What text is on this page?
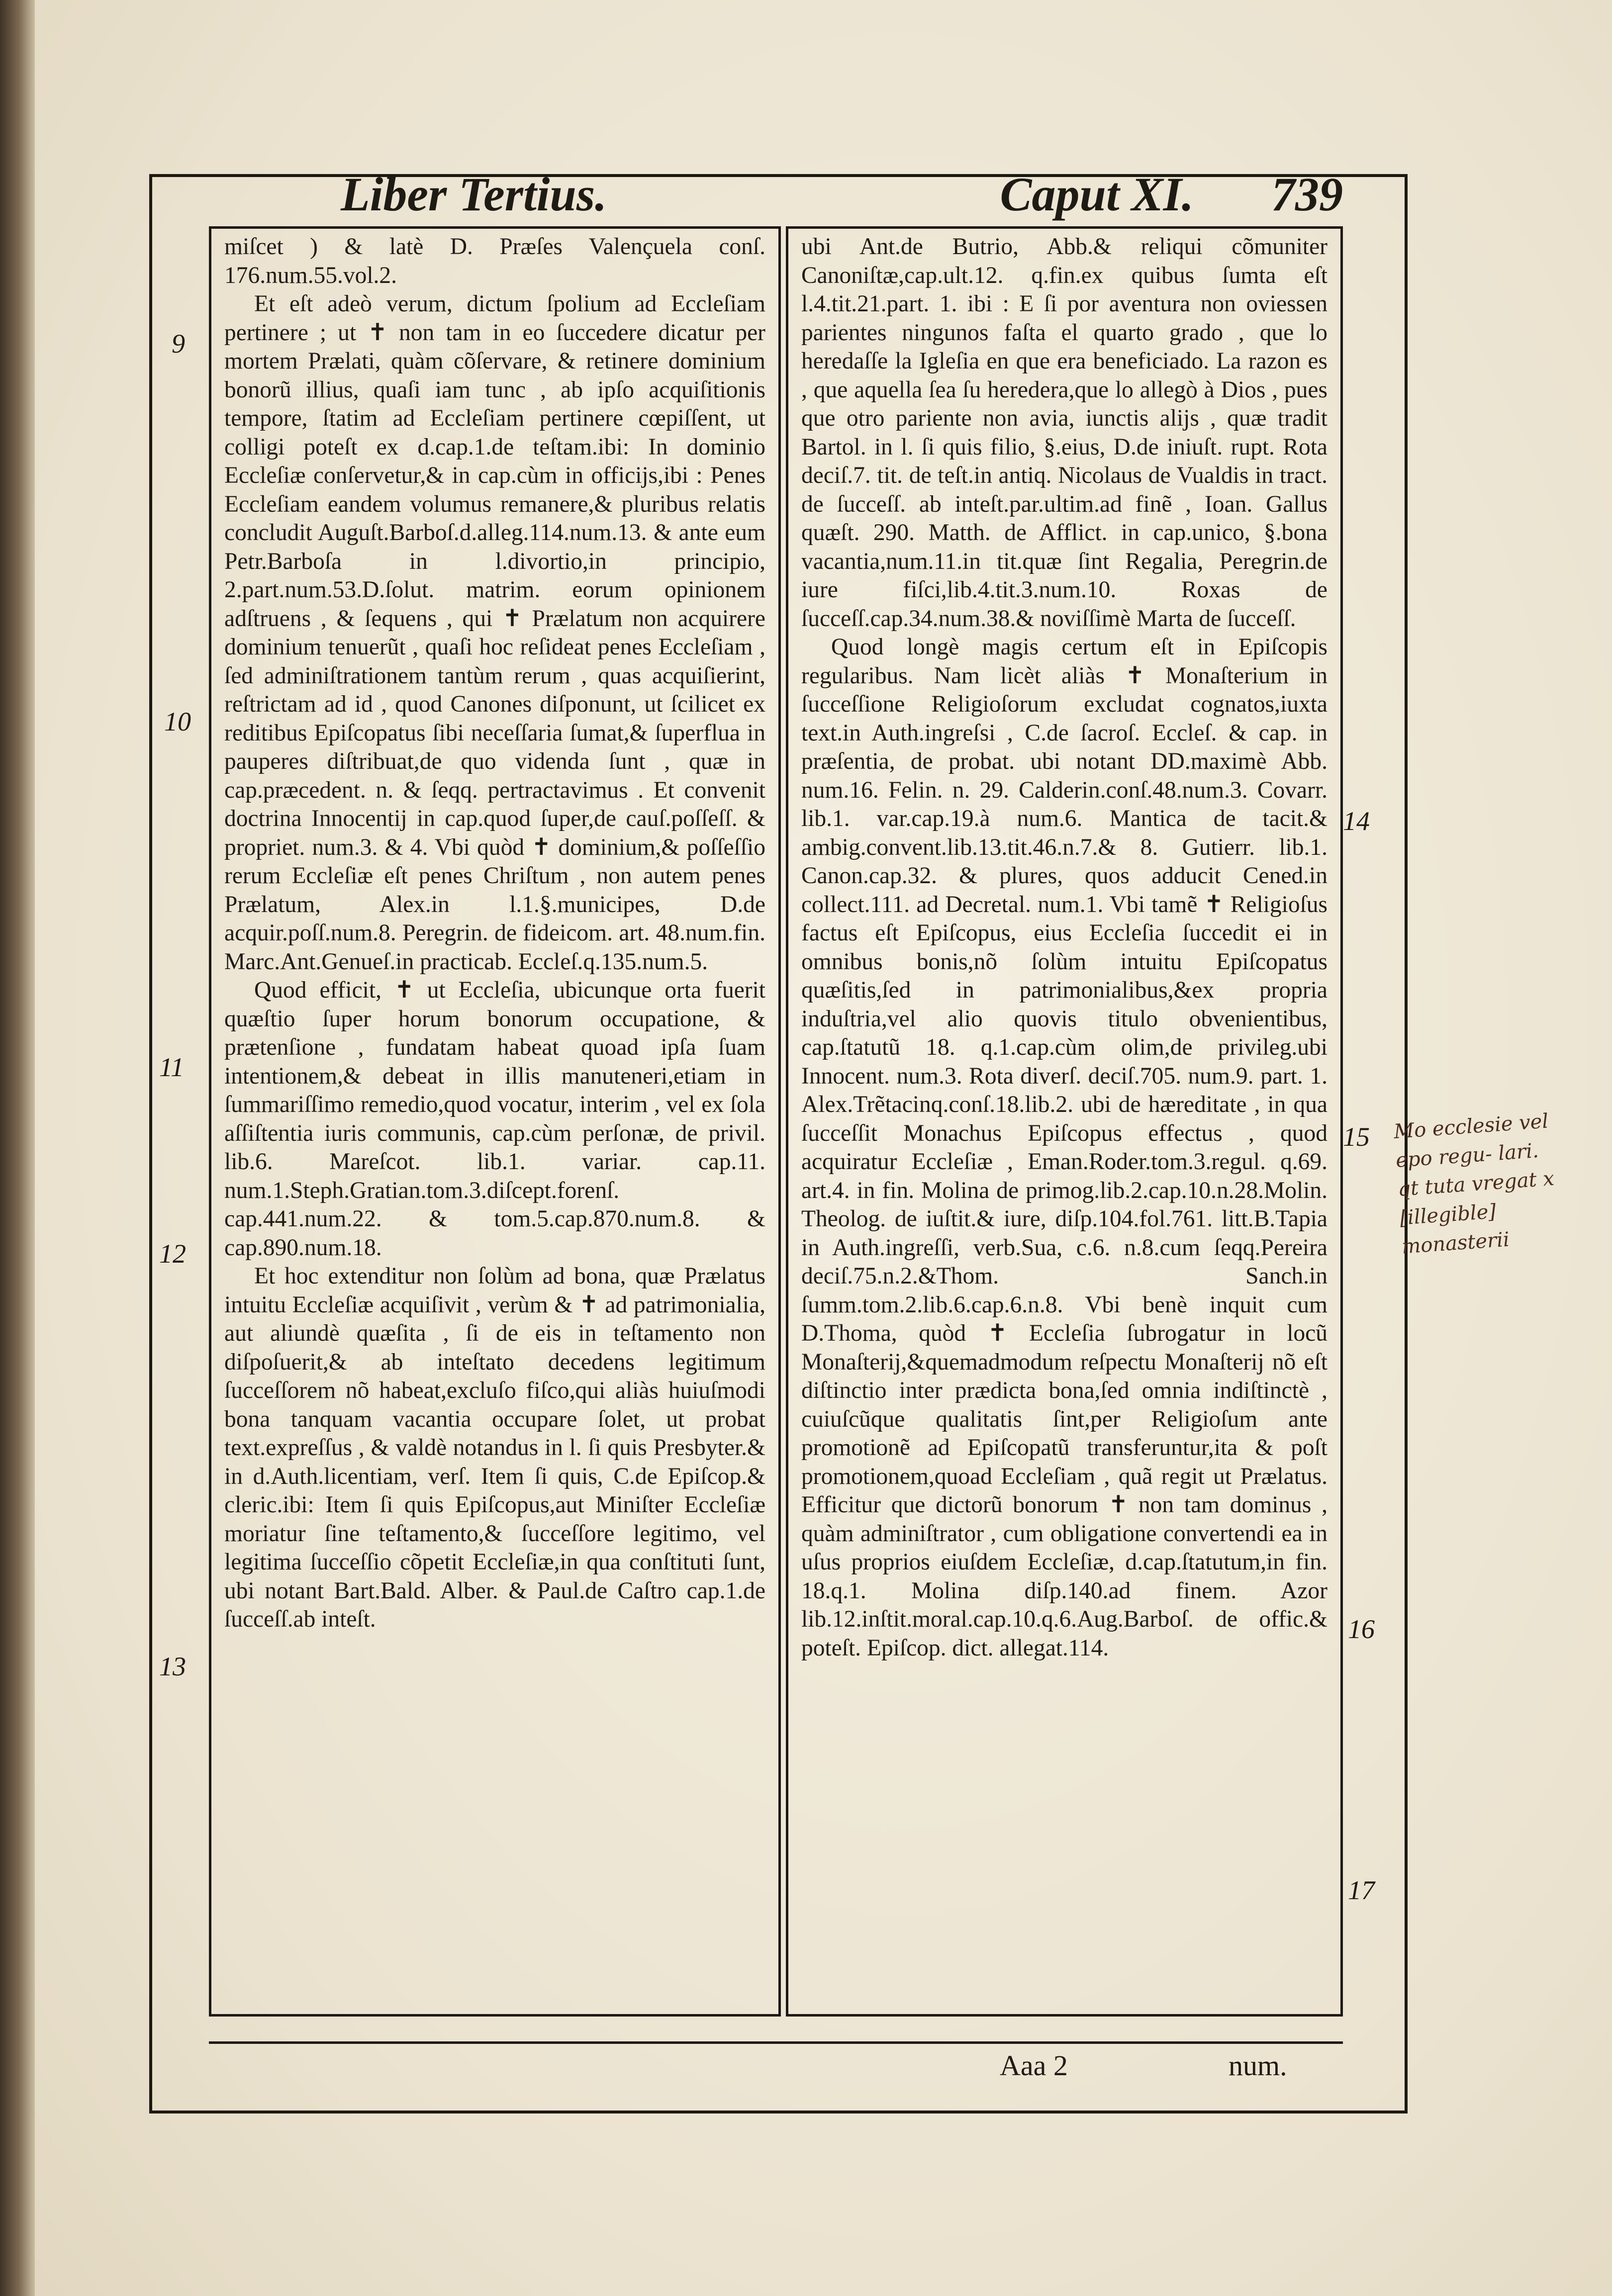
Liber Tertius.	Caput XI. 739

miſcet ) & latè D. Præſes Valençuela conſ. 176.num.55.vol.2.

Et eſt adeò verum, dictum ſpolium ad Eccleſiam pertinere ; ut ✝ non tam in eo ſuccedere dicatur per mortem Prælati, quàm cõſervare, & retinere dominium bonorũ illius, quaſi iam tunc , ab ipſo acquiſitionis tempore, ſtatim ad Eccleſiam pertinere cœpiſſent, ut colligi poteſt ex d.cap.1.de teſtam.ibi: In dominio Eccleſiæ conſervetur,& in cap.cùm in officijs,ibi : Penes Eccleſiam eandem volumus remanere,& pluribus relatis concludit Auguſt.Barboſ.d.alleg.114.num.13. & ante eum Petr.Barboſa in l.divortio,in principio, 2.part.num.53.D.ſolut. matrim. eorum opinionem adſtruens , & ſequens , qui ✝ Prælatum non acquirere dominium tenuerũt , quaſi hoc reſideat penes Eccleſiam , ſed adminiſtrationem tantùm rerum , quas acquiſierint, reſtrictam ad id , quod Canones diſponunt, ut ſcilicet ex reditibus Epiſcopatus ſibi neceſſaria ſumat,& ſuperflua in pauperes diſtribuat,de quo videnda ſunt , quæ in cap.præcedent. n. & ſeqq. pertractavimus . Et convenit doctrina Innocentij in cap.quod ſuper,de cauſ.poſſeſſ. & propriet. num.3. & 4. Vbi quòd ✝ dominium,& poſſeſſio rerum Eccleſiæ eſt penes Chriſtum , non autem penes Prælatum, Alex.in l.1.§.municipes, D.de acquir.poſſ.num.8. Peregrin. de fideicom. art. 48.num.fin. Marc.Ant.Genueſ.in practicab. Eccleſ.q.135.num.5.

Quod efficit, ✝ ut Eccleſia, ubicunque orta fuerit quæſtio ſuper horum bonorum occupatione, & prætenſione , fundatam habeat quoad ipſa ſuam intentionem,& debeat in illis manuteneri,etiam in ſummariſſimo remedio,quod vocatur, interim , vel ex ſola aſſiſtentia iuris communis, cap.cùm perſonæ, de privil. lib.6. Mareſcot. lib.1. variar. cap.11. num.1.Steph.Gratian.tom.3.diſcept.forenſ. cap.441.num.22. & tom.5.cap.870.num.8. & cap.890.num.18.

Et hoc extenditur non ſolùm ad bona, quæ Prælatus intuitu Eccleſiæ acquiſivit , verùm & ✝ ad patrimonialia, aut aliundè quæſita , ſi de eis in teſtamento non diſpoſuerit,& ab inteſtato decedens legitimum ſucceſſorem nõ habeat,excluſo fiſco,qui aliàs huiuſmodi bona tanquam vacantia occupare ſolet, ut probat text.expreſſus , & valdè notandus in l. ſi quis Presbyter.& in d.Auth.licentiam, verſ. Item ſi quis, C.de Epiſcop.& cleric.ibi: Item ſi quis Epiſcopus,aut Miniſter Eccleſiæ moriatur ſine teſtamento,& ſucceſſore legitimo, vel legitima ſucceſſio cõpetit Eccleſiæ,in qua conſtituti ſunt, ubi notant Bart.Bald. Alber. & Paul.de Caſtro cap.1.de ſucceſſ.ab inteſt.

ubi Ant.de Butrio, Abb.& reliqui cõmuniter Canoniſtæ,cap.ult.12. q.fin.ex quibus ſumta eſt l.4.tit.21.part. 1. ibi : E ſi por aventura non oviessen parientes ningunos faſta el quarto grado , que lo heredaſſe la Igleſia en que era beneficiado. La razon es , que aquella ſea ſu heredera,que lo allegò à Dios , pues que otro pariente non avia, iunctis alijs , quæ tradit Bartol. in l. ſi quis filio, §.eius, D.de iniuſt. rupt. Rota deciſ.7. tit. de teſt.in antiq. Nicolaus de Vualdis in tract. de ſucceſſ. ab inteſt.par.ultim.ad finẽ , Ioan. Gallus quæſt. 290. Matth. de Afflict. in cap.unico, §.bona vacantia,num.11.in tit.quæ ſint Regalia, Peregrin.de iure fiſci,lib.4.tit.3.num.10. Roxas de ſucceſſ.cap.34.num.38.& noviſſimè Marta de ſucceſſ.

Quod longè magis certum eſt in Epiſcopis regularibus. Nam licèt aliàs ✝ Monaſterium in ſucceſſione Religioſorum excludat cognatos,iuxta text.in Auth.ingreſsi , C.de ſacroſ. Eccleſ. & cap. in præſentia, de probat. ubi notant DD.maximè Abb. num.16. Felin. n. 29. Calderin.conſ.48.num.3. Covarr. lib.1. var.cap.19.à num.6. Mantica de tacit.& ambig.convent.lib.13.tit.46.n.7.& 8. Gutierr. lib.1. Canon.cap.32. & plures, quos adducit Cened.in collect.111. ad Decretal. num.1. Vbi tamẽ ✝ Religioſus factus eſt Epiſcopus, eius Eccleſia ſuccedit ei in omnibus bonis,nõ ſolùm intuitu Epiſcopatus quæſitis,ſed in patrimonialibus,&ex propria induſtria,vel alio quovis titulo obvenientibus, cap.ſtatutũ 18. q.1.cap.cùm olim,de privileg.ubi Innocent. num.3. Rota diverſ. deciſ.705. num.9. part. 1. Alex.Trẽtacinq.conſ.18.lib.2. ubi de hæreditate , in qua ſucceſſit Monachus Epiſcopus effectus , quod acquiratur Eccleſiæ , Eman.Roder.tom.3.regul. q.69. art.4. in fin. Molina de primog.lib.2.cap.10.n.28.Molin. Theolog. de iuſtit.& iure, diſp.104.fol.761. litt.B.Tapia in Auth.ingreſſi, verb.Sua, c.6. n.8.cum ſeqq.Pereira deciſ.75.n.2.&Thom. Sanch.in ſumm.tom.2.lib.6.cap.6.n.8. Vbi benè inquit cum D.Thoma, quòd ✝ Eccleſia ſubrogatur in locũ Monaſterij,&quemadmodum reſpectu Monaſterij nõ eſt diſtinctio inter prædicta bona,ſed omnia indiſtinctè , cuiuſcũque qualitatis ſint,per Religioſum ante promotionẽ ad Epiſcopatũ transferuntur,ita & poſt promotionem,quoad Eccleſiam , quã regit ut Prælatus. Efficitur que dictorũ bonorum ✝ non tam dominus , quàm adminiſtrator , cum obligatione convertendi ea in uſus proprios eiuſdem Eccleſiæ, d.cap.ſtatutum,in fin. 18.q.1. Molina diſp.140.ad finem. Azor lib.12.inſtit.moral.cap.10.q.6.Aug.Barboſ. de offic.& poteſt. Epiſcop. dict. allegat.114.

9
10
11
12
13
14
15
16
17
Mo ecclesie vel epo regu- lari. qt tuta vregat x [illegible] monasterii
Aaa 2	num.
